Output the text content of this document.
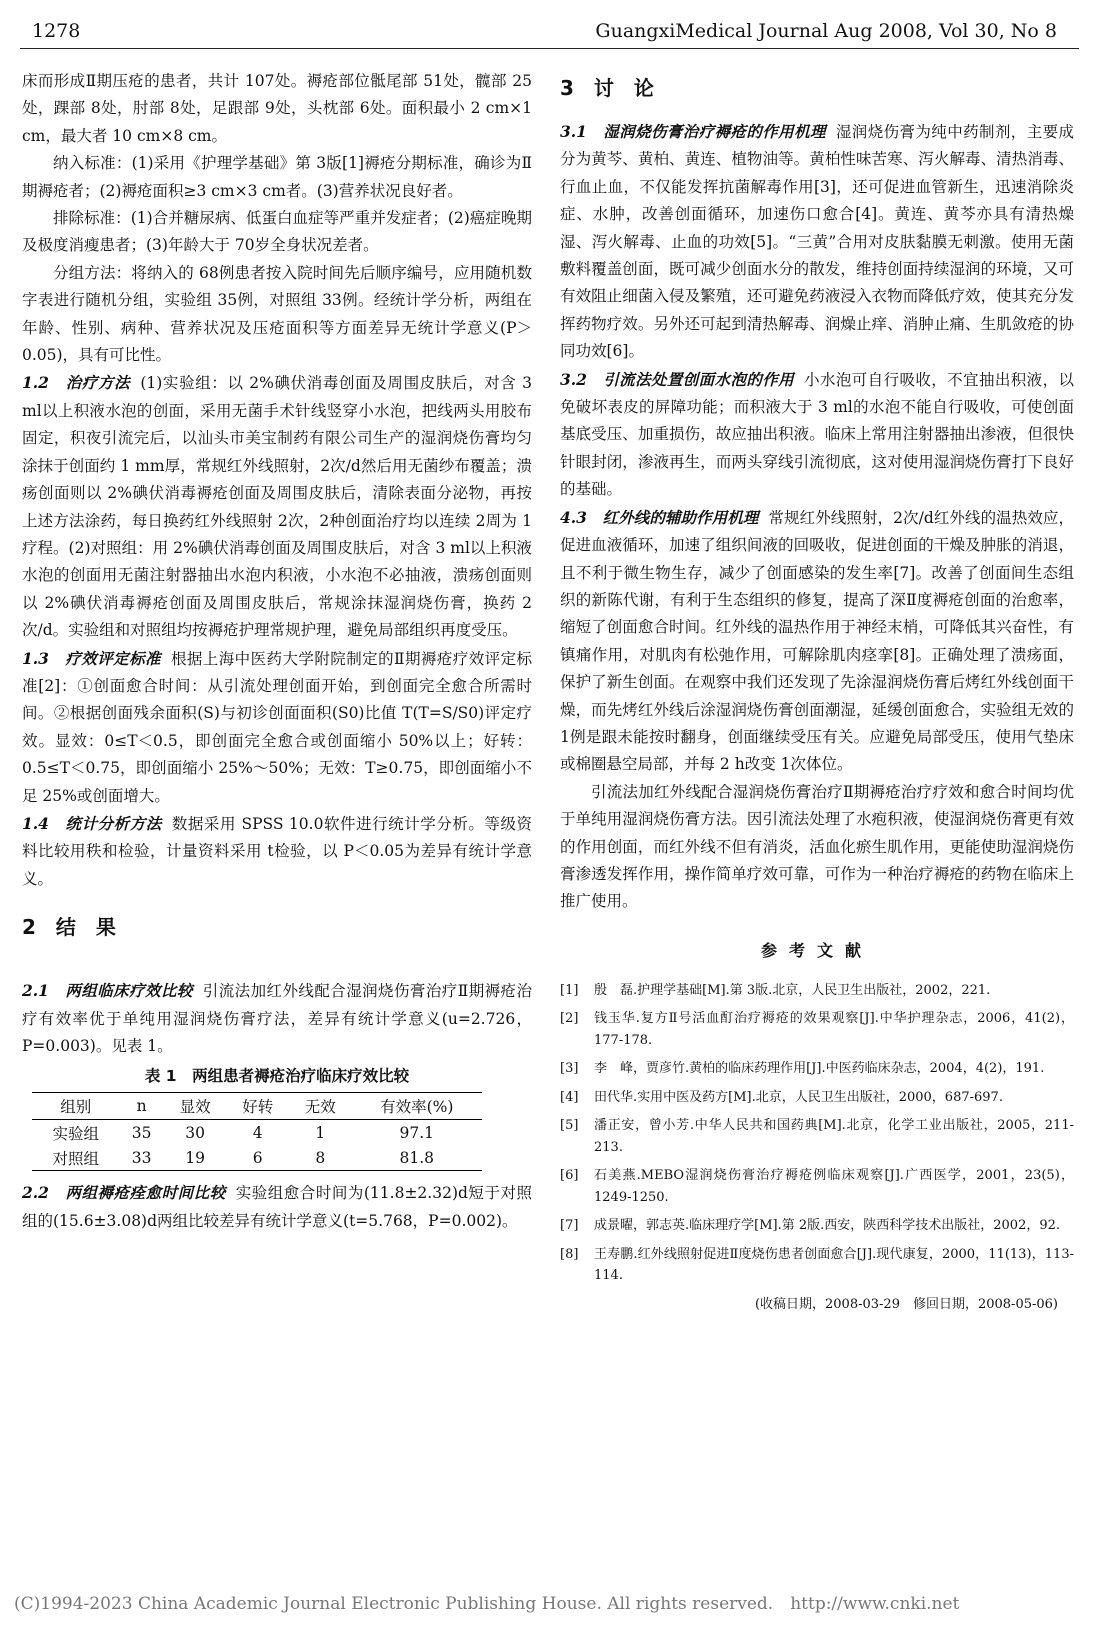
1278	GuangxiMedical Journal Aug 2008, Vol 30, No 8

床而形成Ⅱ期压疮的患者，共计 107处。褥疮部位骶尾部 51处，髋部 25处，踝部 8处，肘部 8处，足跟部 9处，头枕部 6处。面积最小 2 cm×1 cm，最大者 10 cm×8 cm。

纳入标准：(1)采用《护理学基础》第 3版[1]褥疮分期标准，确诊为Ⅱ期褥疮者；(2)褥疮面积≥3 cm×3 cm者。(3)营养状况良好者。

排除标准：(1)合并糖尿病、低蛋白血症等严重并发症者；(2)癌症晚期及极度消瘦患者；(3)年龄大于 70岁全身状况差者。

分组方法：将纳入的 68例患者按入院时间先后顺序编号，应用随机数字表进行随机分组，实验组 35例，对照组 33例。经统计学分析，两组在年龄、性别、病种、营养状况及压疮面积等方面差异无统计学意义(P＞0.05)，具有可比性。

1.2　治疗方法 (1)实验组：以 2%碘伏消毒创面及周围皮肤后，对含 3 ml以上积液水泡的创面，采用无菌手术针线竖穿小水泡，把线两头用胶布固定，积夜引流完后，以汕头市美宝制药有限公司生产的湿润烧伤膏均匀涂抹于创面约 1 mm厚，常规红外线照射，2次/d然后用无菌纱布覆盖；溃疡创面则以 2%碘伏消毒褥疮创面及周围皮肤后，清除表面分泌物，再按上述方法涂药，每日换药红外线照射 2次，2种创面治疗均以连续 2周为 1疗程。(2)对照组：用 2%碘伏消毒创面及周围皮肤后，对含 3 ml以上积液水泡的创面用无菌注射器抽出水泡内积液，小水泡不必抽液，溃疡创面则以 2%碘伏消毒褥疮创面及周围皮肤后，常规涂抹湿润烧伤膏，换药 2次/d。实验组和对照组均按褥疮护理常规护理，避免局部组织再度受压。

1.3　疗效评定标准 根据上海中医药大学附院制定的Ⅱ期褥疮疗效评定标准[2]：①创面愈合时间：从引流处理创面开始，到创面完全愈合所需时间。②根据创面残余面积(S)与初诊创面面积(S0)比值 T(T=S/S0)评定疗效。显效：0≤T＜0.5，即创面完全愈合或创面缩小 50%以上；好转：0.5≤T＜0.75，即创面缩小 25%～50%；无效：T≥0.75，即创面缩小不足 25%或创面增大。

1.4　统计分析方法 数据采用 SPSS 10.0软件进行统计学分析。等级资料比较用秩和检验，计量资料采用 t检验，以 P＜0.05为差异有统计学意义。

2　结　果

2.1　两组临床疗效比较 引流法加红外线配合湿润烧伤膏治疗Ⅱ期褥疮治疗有效率优于单纯用湿润烧伤膏疗法，差异有统计学意义(u=2.726，P=0.003)。见表 1。

表 1　两组患者褥疮治疗临床疗效比较

组别	n	显效	好转	无效	有效率(%)
实验组	35	30	4	1	97.1
对照组	33	19	6	8	81.8

2.2　两组褥疮痊愈时间比较 实验组愈合时间为(11.8±2.32)d短于对照组的(15.6±3.08)d两组比较差异有统计学意义(t=5.768，P=0.002)。

3　讨　论

3.1　湿润烧伤膏治疗褥疮的作用机理 湿润烧伤膏为纯中药制剂，主要成分为黄芩、黄柏、黄连、植物油等。黄柏性味苦寒、泻火解毒、清热消毒、行血止血，不仅能发挥抗菌解毒作用[3]，还可促进血管新生，迅速消除炎症、水肿，改善创面循环，加速伤口愈合[4]。黄连、黄芩亦具有清热燥湿、泻火解毒、止血的功效[5]。“三黄”合用对皮肤黏膜无刺激。使用无菌敷料覆盖创面，既可减少创面水分的散发，维持创面持续湿润的环境，又可有效阻止细菌入侵及繁殖，还可避免药液浸入衣物而降低疗效，使其充分发挥药物疗效。另外还可起到清热解毒、润燥止痒、消肿止痛、生肌敛疮的协同功效[6]。

3.2　引流法处置创面水泡的作用 小水泡可自行吸收，不宜抽出积液，以免破坏表皮的屏障功能；而积液大于 3 ml的水泡不能自行吸收，可使创面基底受压、加重损伤，故应抽出积液。临床上常用注射器抽出渗液，但很快针眼封闭，渗液再生，而两头穿线引流彻底，这对使用湿润烧伤膏打下良好的基础。

4.3　红外线的辅助作用机理 常规红外线照射，2次/d红外线的温热效应，促进血液循环，加速了组织间液的回吸收，促进创面的干燥及肿胀的消退，且不利于微生物生存，减少了创面感染的发生率[7]。改善了创面间生态组织的新陈代谢，有利于生态组织的修复，提高了深Ⅱ度褥疮创面的治愈率，缩短了创面愈合时间。红外线的温热作用于神经末梢，可降低其兴奋性，有镇痛作用，对肌肉有松弛作用，可解除肌肉痉挛[8]。正确处理了溃疡面，保护了新生创面。在观察中我们还发现了先涂湿润烧伤膏后烤红外线创面干燥，而先烤红外线后涂湿润烧伤膏创面潮湿，延缓创面愈合，实验组无效的 1例是跟未能按时翻身，创面继续受压有关。应避免局部受压，使用气垫床或棉圈悬空局部，并每 2 h改变 1次体位。

引流法加红外线配合湿润烧伤膏治疗Ⅱ期褥疮治疗疗效和愈合时间均优于单纯用湿润烧伤膏方法。因引流法处理了水疱积液，使湿润烧伤膏更有效的作用创面，而红外线不但有消炎，活血化瘀生肌作用，更能使助湿润烧伤膏渗透发挥作用，操作简单疗效可靠，可作为一种治疗褥疮的药物在临床上推广使用。

参考文献
[1]	殷　磊.护理学基础[M].第 3版.北京，人民卫生出版社，2002，221.
[2]	钱玉华.复方Ⅱ号活血酊治疗褥疮的效果观察[J].中华护理杂志，2006，41(2)，177-178.
[3]	李　峰，贾彦竹.黄柏的临床药理作用[J].中医药临床杂志，2004，4(2)，191.
[4]	田代华.实用中医及药方[M].北京，人民卫生出版社，2000，687-697.
[5]	潘正安，曾小芳.中华人民共和国药典[M].北京，化学工业出版社，2005，211-213.
[6]	石美燕.MEBO湿润烧伤膏治疗褥疮例临床观察[J].广西医学，2001，23(5)，1249-1250.
[7]	成景曜，郭志英.临床理疗学[M].第 2版.西安，陕西科学技术出版社，2002，92.
[8]	王寿鹏.红外线照射促进Ⅱ度烧伤患者创面愈合[J].现代康复，2000，11(13)，113-114.
(收稿日期，2008-03-29　修回日期，2008-05-06)
(C)1994-2023 China Academic Journal Electronic Publishing House. All rights reserved.　http://www.cnki.net
